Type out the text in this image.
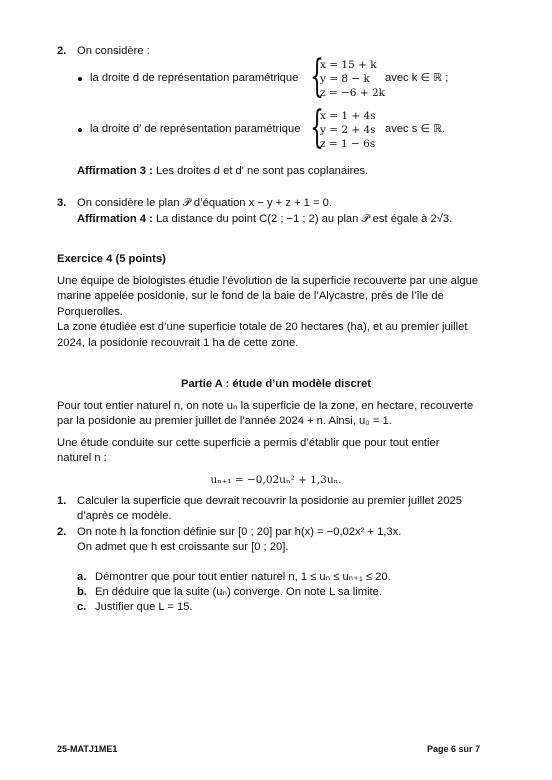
2. On considère :
la droite d de représentation paramétrique {
x = 15 + k
y = 8 − k
z = −6 + 2k
avec k ∈ ℝ ;
la droite d′ de représentation paramétrique {
x = 1 + 4s
y = 2 + 4s
z = 1 − 6s
avec s ∈ ℝ.
Affirmation 3 : Les droites d et d′ ne sont pas coplanaires.
3. On considère le plan 𝒫 d’équation x − y + z + 1 = 0.
Affirmation 4 : La distance du point C(2 ; −1 ; 2) au plan 𝒫 est égale à 2√3.
Exercice 4 (5 points)
Une équipe de biologistes étudie l’évolution de la superficie recouverte par une algue
marine appelée posidonie, sur le fond de la baie de l’Alycastre, près de l’île de
Porquerolles.
La zone étudiée est d’une superficie totale de 20 hectares (ha), et au premier juillet
2024, la posidonie recouvrait 1 ha de cette zone.
Partie A : étude d’un modèle discret
Pour tout entier naturel n, on note uₙ la superficie de la zone, en hectare, recouverte
par la posidonie au premier juillet de l’année 2024 + n. Ainsi, u₀ = 1.
Une étude conduite sur cette superficie a permis d’établir que pour tout entier
naturel n :
uₙ₊₁ = −0,02uₙ² + 1,3uₙ.
1. Calculer la superficie que devrait recouvrir la posidonie au premier juillet 2025
d’après ce modèle.
2. On note h la fonction définie sur [0 ; 20] par h(x) = −0,02x² + 1,3x.
On admet que h est croissante sur [0 ; 20].
a. Démontrer que pour tout entier naturel n, 1 ≤ uₙ ≤ uₙ₊₁ ≤ 20.
b. En déduire que la suite (uₙ) converge. On note L sa limite.
c. Justifier que L = 15.
25-MATJ1ME1	Page 6 sur 7
